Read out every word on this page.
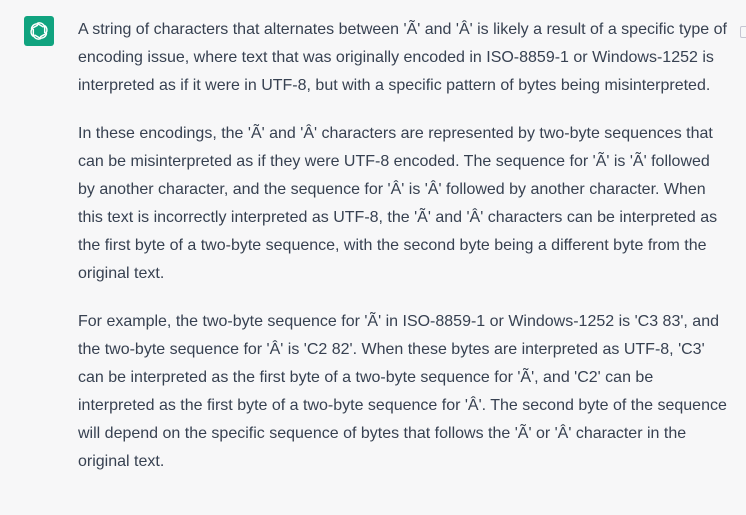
A string of characters that alternates between 'Ã' and 'Â' is likely a result of a specific type of encoding issue, where text that was originally encoded in ISO-8859-1 or Windows-1252 is interpreted as if it were in UTF-8, but with a specific pattern of bytes being misinterpreted.

In these encodings, the 'Ã' and 'Â' characters are represented by two-byte sequences that can be misinterpreted as if they were UTF-8 encoded. The sequence for 'Ã' is 'Ã' followed by another character, and the sequence for 'Â' is 'Â' followed by another character. When this text is incorrectly interpreted as UTF-8, the 'Ã' and 'Â' characters can be interpreted as the first byte of a two-byte sequence, with the second byte being a different byte from the original text.

For example, the two-byte sequence for 'Ã' in ISO-8859-1 or Windows-1252 is 'C3 83', and the two-byte sequence for 'Â' is 'C2 82'. When these bytes are interpreted as UTF-8, 'C3' can be interpreted as the first byte of a two-byte sequence for 'Ã', and 'C2' can be interpreted as the first byte of a two-byte sequence for 'Â'. The second byte of the sequence will depend on the specific sequence of bytes that follows the 'Ã' or 'Â' character in the original text.
